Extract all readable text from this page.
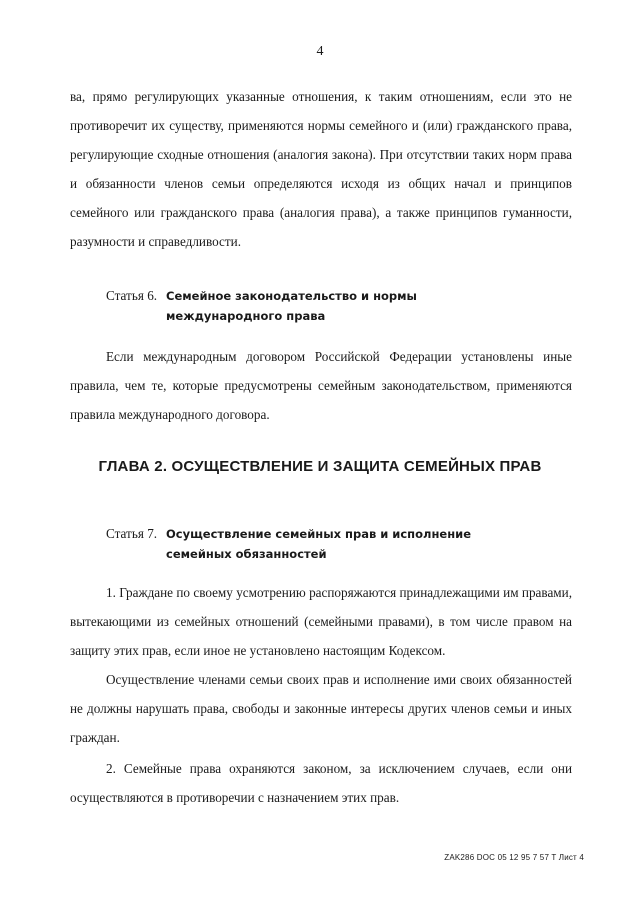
4
ва, прямо регулирующих указанные отношения, к таким отношениям, если это не противоречит их существу, применяются нормы семейного и (или) гражданского права, регулирующие сходные отношения (аналогия закона). При отсутствии таких норм права и обязанности членов семьи определяются исходя из общих начал и принципов семейного или гражданского права (аналогия права), а также принципов гуманности, разумности и справедливости.
Статья 6. Семейное законодательство и нормы
международного права
Если международным договором Российской Федерации установлены иные правила, чем те, которые предусмотрены семейным законодательством, применяются правила международного договора.
ГЛАВА 2. ОСУЩЕСТВЛЕНИЕ И ЗАЩИТА СЕМЕЙНЫХ ПРАВ
Статья 7. Осуществление семейных прав и исполнение
семейных обязанностей
1. Граждане по своему усмотрению распоряжаются принадлежащими им правами, вытекающими из семейных отношений (семейными правами), в том числе правом на защиту этих прав, если иное не установлено настоящим Кодексом.
Осуществление членами семьи своих прав и исполнение ими своих обязанностей не должны нарушать права, свободы и законные интересы других членов семьи и иных граждан.
2. Семейные права охраняются законом, за исключением случаев, если они осуществляются в противоречии с назначением этих прав.
ZAK286 DOC 05 12 95 7 57 T Лист 4
